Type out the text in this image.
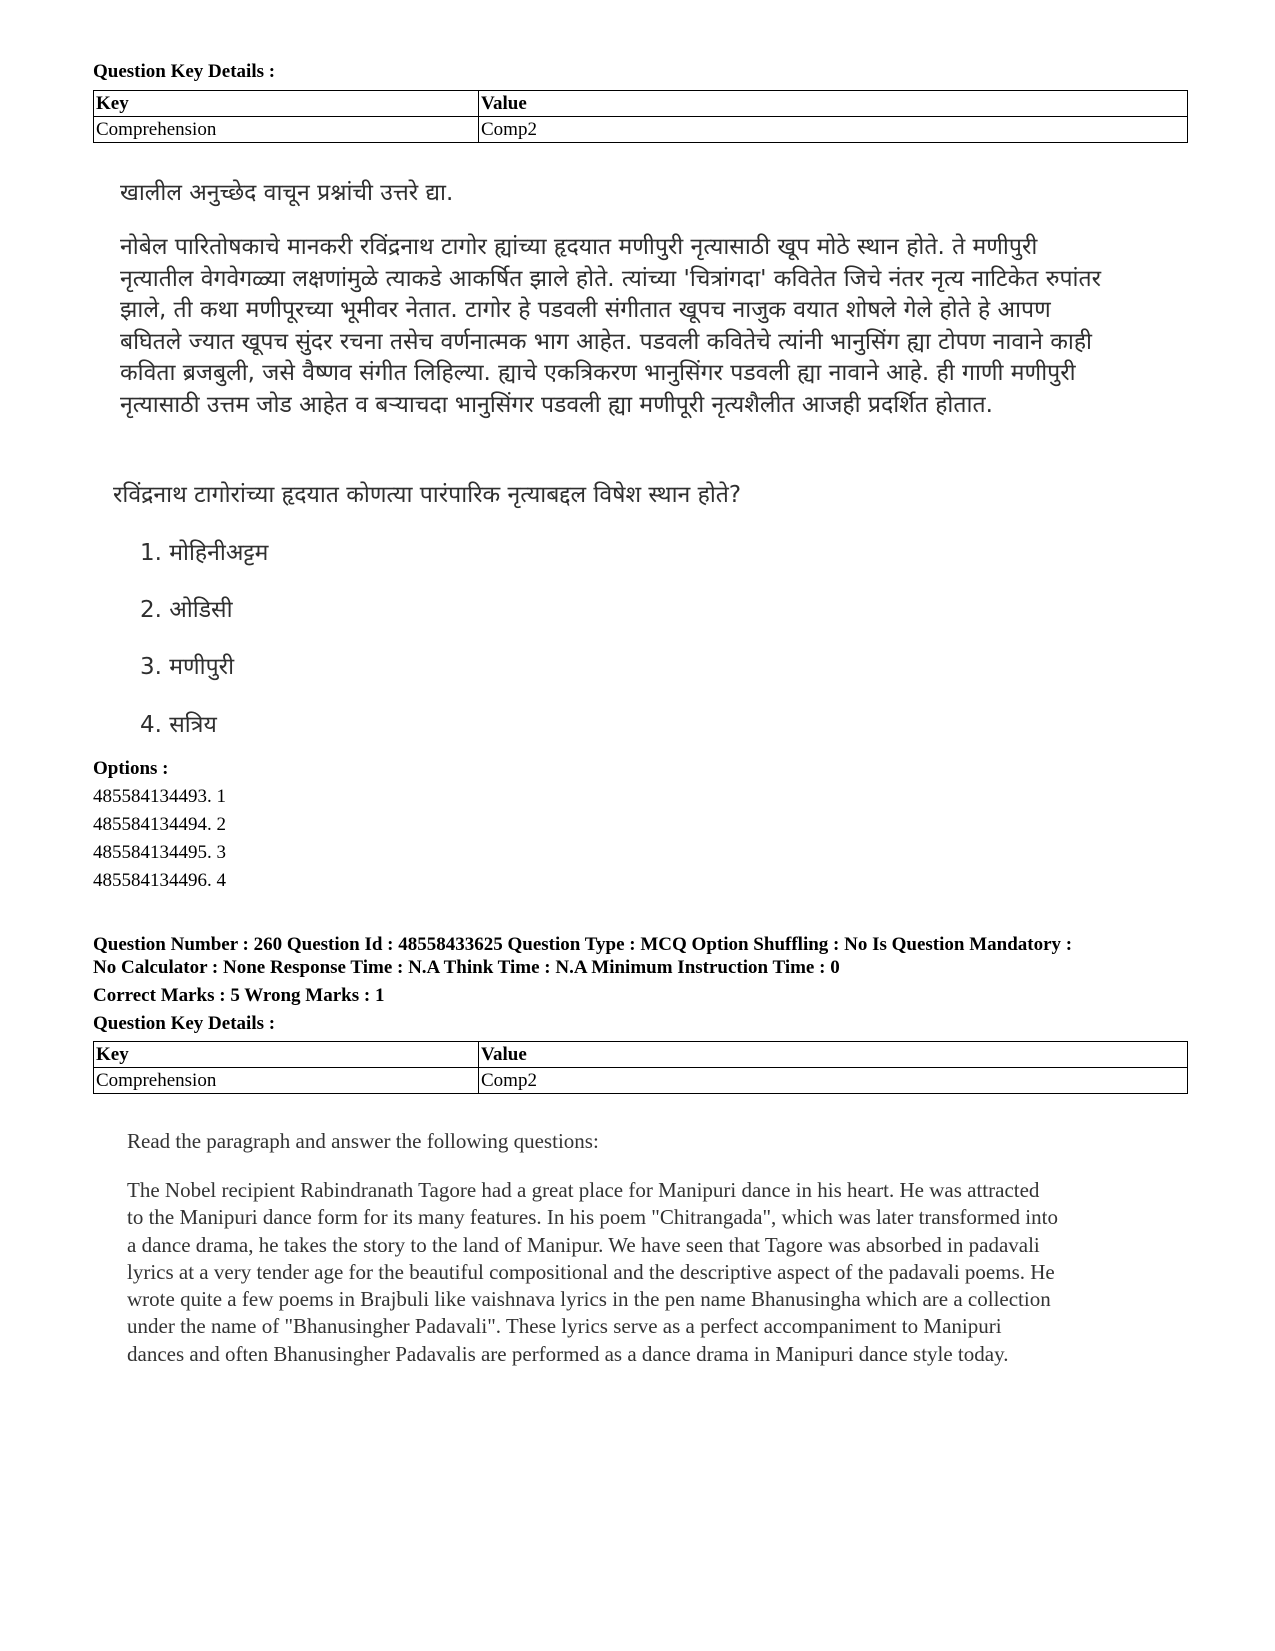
Question Key Details :
Key	Value
Comprehension	Comp2
खालील अनुच्छेद वाचून प्रश्नांची उत्तरे द्या.
नोबेल पारितोषकाचे मानकरी रविंद्रनाथ टागोर ह्यांच्या हृदयात मणीपुरी नृत्यासाठी खूप मोठे स्थान होते. ते मणीपुरी
नृत्यातील वेगवेगळ्या लक्षणांमुळे त्याकडे आकर्षित झाले होते. त्यांच्या 'चित्रांगदा' कवितेत जिचे नंतर नृत्य नाटिकेत रुपांतर
झाले, ती कथा मणीपूरच्या भूमीवर नेतात. टागोर हे पडवली संगीतात खूपच नाजुक वयात शोषले गेले होते हे आपण
बघितले ज्यात खूपच सुंदर रचना तसेच वर्णनात्मक भाग आहेत. पडवली कवितेचे त्यांनी भानुसिंग ह्या टोपण नावाने काही
कविता ब्रजबुली, जसे वैष्णव संगीत लिहिल्या. ह्याचे एकत्रिकरण भानुसिंगर पडवली ह्या नावाने आहे. ही गाणी मणीपुरी
नृत्यासाठी उत्तम जोड आहेत व बऱ्याचदा भानुसिंगर पडवली ह्या मणीपूरी नृत्यशैलीत आजही प्रदर्शित होतात.
रविंद्रनाथ टागोरांच्या हृदयात कोणत्या पारंपारिक नृत्याबद्दल विषेश स्थान होते?
1. मोहिनीअट्टम
2. ओडिसी
3. मणीपुरी
4. सत्रिय
Options :
485584134493. 1
485584134494. 2
485584134495. 3
485584134496. 4
Question Number : 260 Question Id : 48558433625 Question Type : MCQ Option Shuffling : No Is Question Mandatory :
No Calculator : None Response Time : N.A Think Time : N.A Minimum Instruction Time : 0
Correct Marks : 5 Wrong Marks : 1
Question Key Details :
Key	Value
Comprehension	Comp2
Read the paragraph and answer the following questions:
The Nobel recipient Rabindranath Tagore had a great place for Manipuri dance in his heart. He was attracted
to the Manipuri dance form for its many features. In his poem "Chitrangada", which was later transformed into
a dance drama, he takes the story to the land of Manipur. We have seen that Tagore was absorbed in padavali
lyrics at a very tender age for the beautiful compositional and the descriptive aspect of the padavali poems. He
wrote quite a few poems in Brajbuli like vaishnava lyrics in the pen name Bhanusingha which are a collection
under the name of "Bhanusingher Padavali". These lyrics serve as a perfect accompaniment to Manipuri
dances and often Bhanusingher Padavalis are performed as a dance drama in Manipuri dance style today.
